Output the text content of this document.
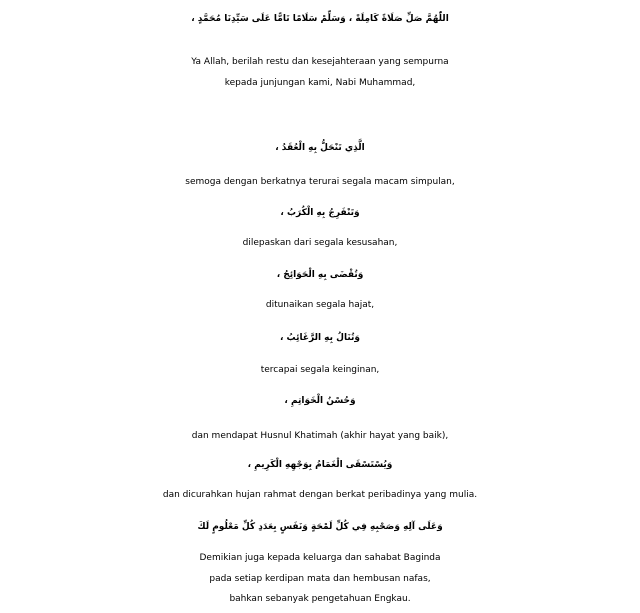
اللّٰهُمَّ صَلِّ صَلَاةً كَامِلَةً ، وَسَلِّمْ سَلَامًا تَامًّا عَلَى سَيِّدِنَا مُحَمَّدٍ ،
Ya Allah, berilah restu dan kesejahteraan yang sempurna
kepada junjungan kami, Nabi Muhammad,
الَّذِي تَنْحَلُّ بِهِ الْعُقَدُ ،
semoga dengan berkatnya terurai segala macam simpulan,
وَتَنْفَرِجُ بِهِ الْكُرَبُ ،
dilepaskan dari segala kesusahan,
وَتُقْضَى بِهِ الْحَوَائِجُ ،
ditunaikan segala hajat,
وَتُنَالُ بِهِ الرَّغَائِبُ ،
tercapai segala keinginan,
وَحُسْنُ الْخَوَاتِمِ ،
dan mendapat Husnul Khatimah (akhir hayat yang baik),
وَيُسْتَسْقَى الْغَمَامُ بِوَجْهِهِ الْكَرِيمِ ،
dan dicurahkan hujan rahmat dengan berkat peribadinya yang mulia.
وَعَلَى آلِهِ وَصَحْبِهِ فِي كُلِّ لَمْحَةٍ وَنَفَسٍ بِعَدَدِ كُلِّ مَعْلُومٍ لَكَ
Demikian juga kepada keluarga dan sahabat Baginda
pada setiap kerdipan mata dan hembusan nafas,
bahkan sebanyak pengetahuan Engkau.
